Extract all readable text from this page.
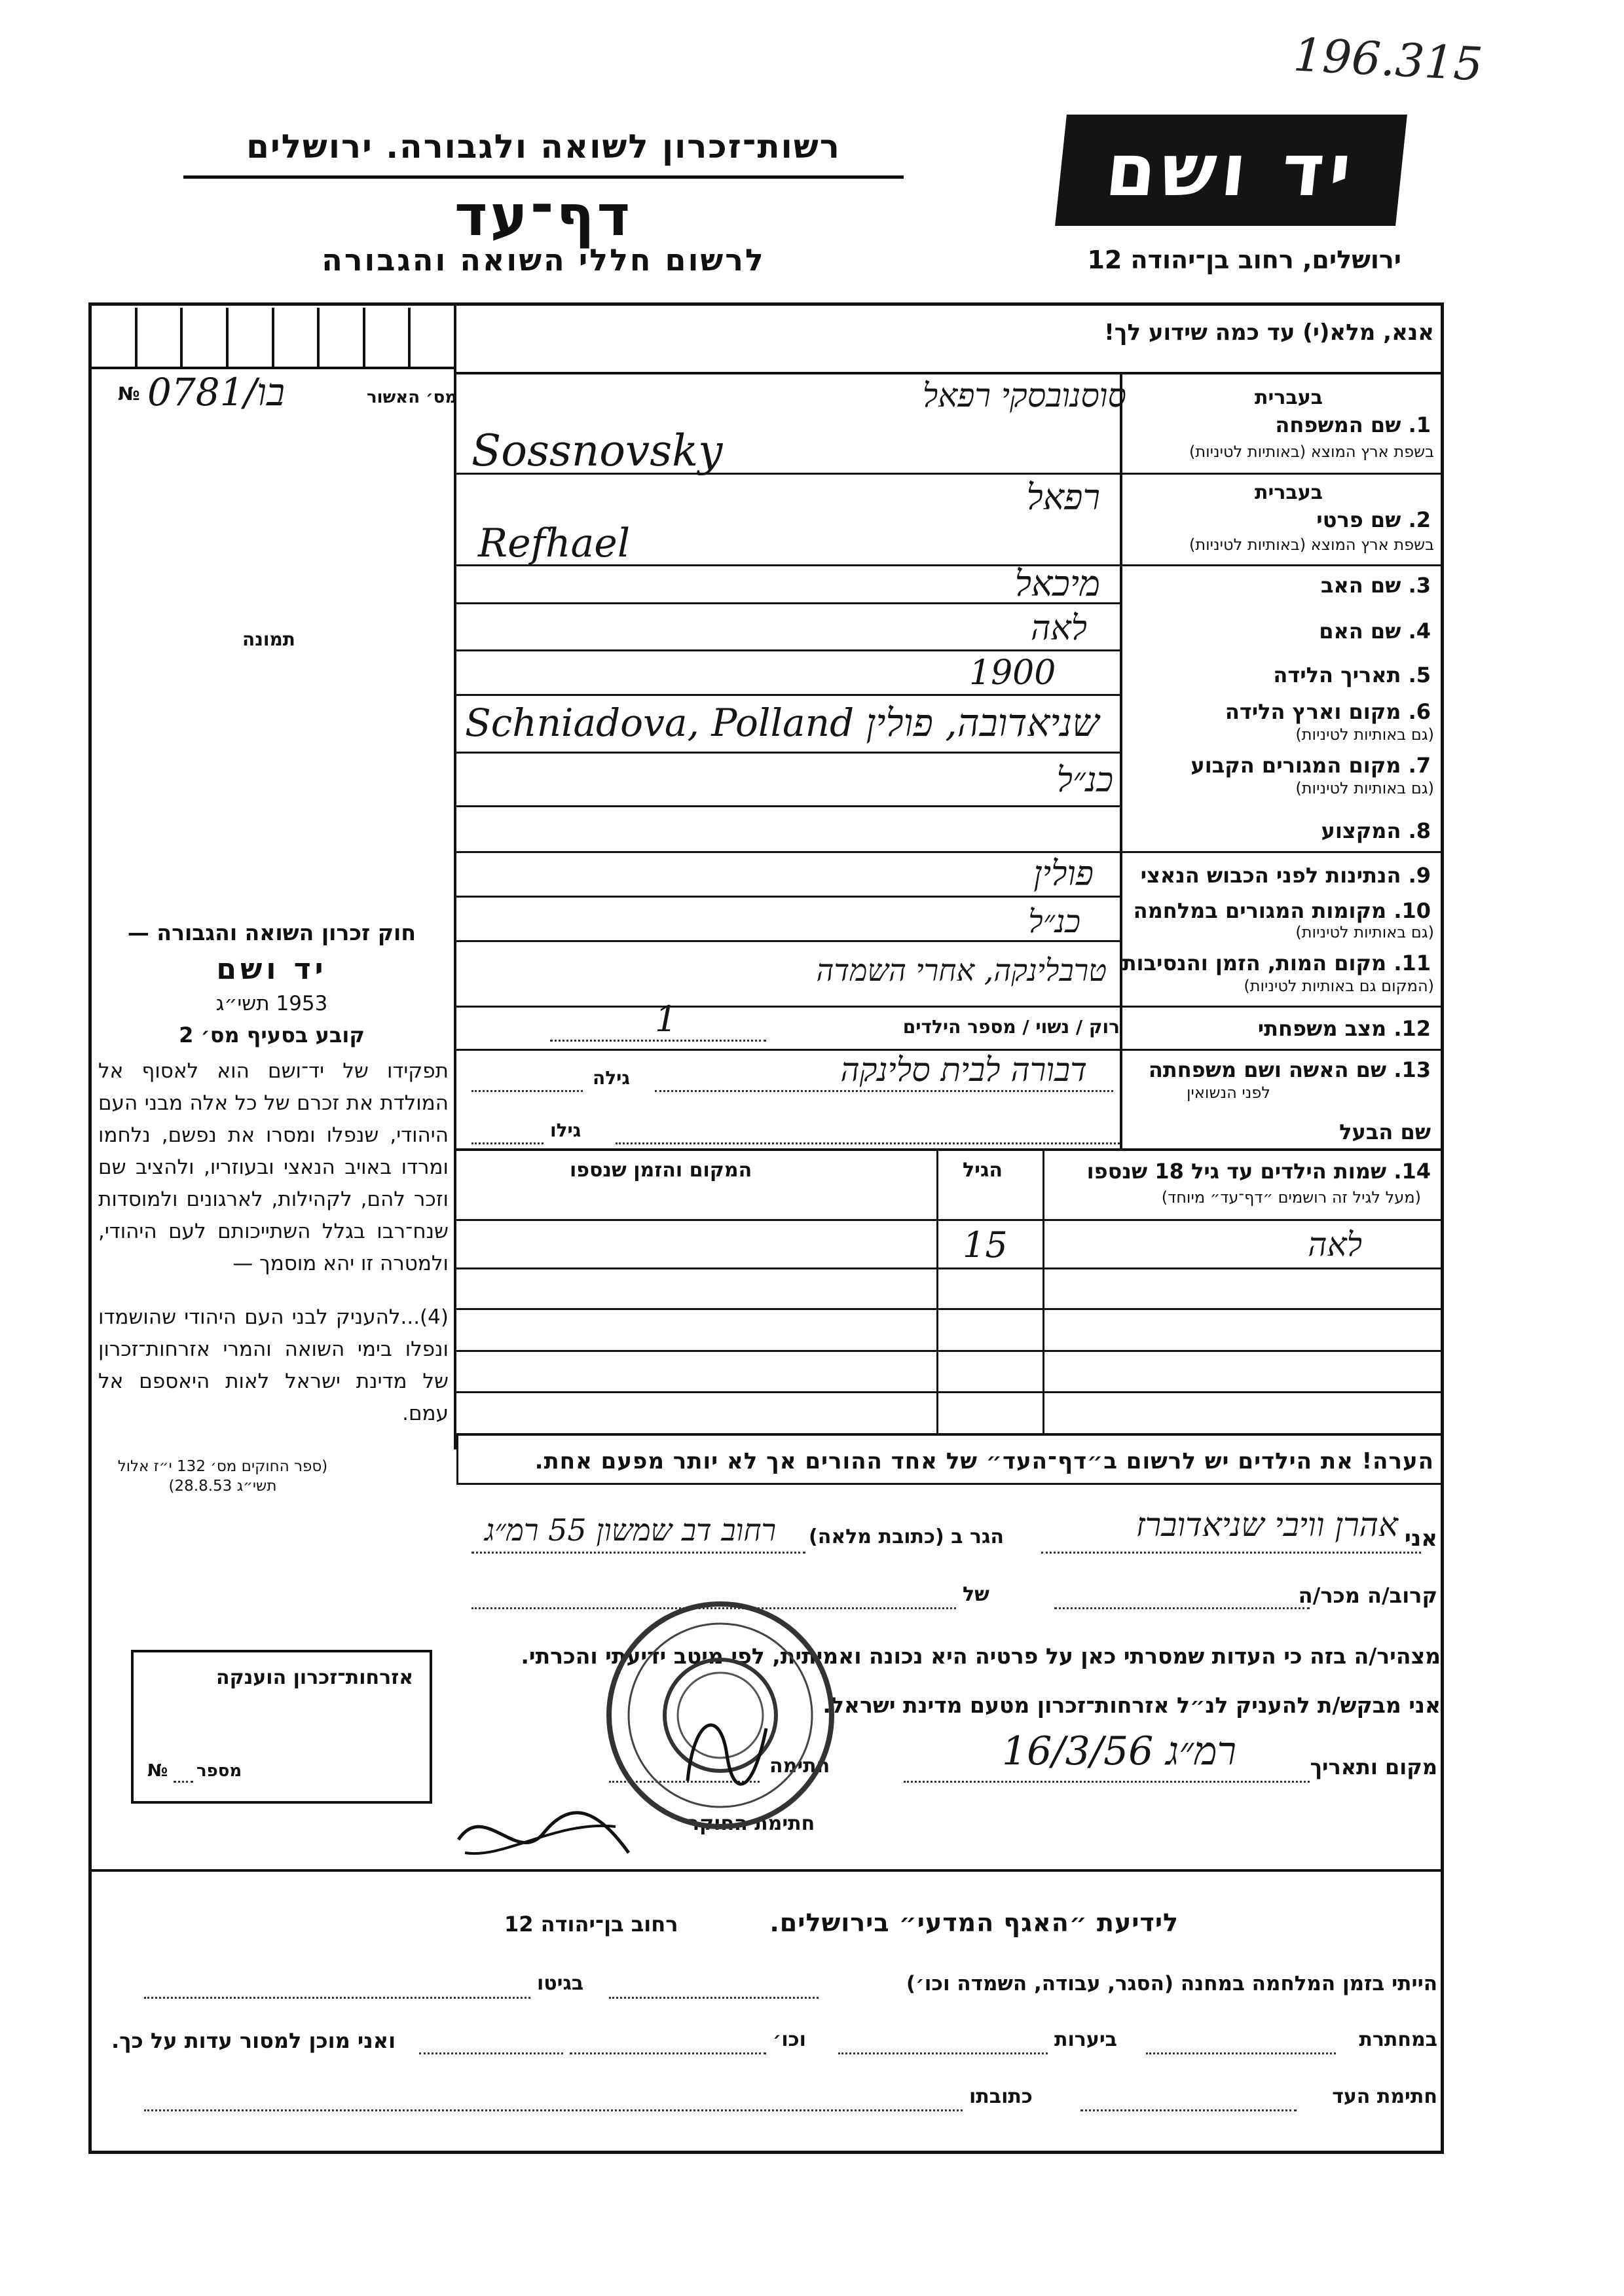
196.315
רשות־זכרון לשואה ולגבורה. ירושלים
דף־עד
לרשום חללי השואה והגבורה
יד ושם
ירושלים, רחוב בן־יהודה 12
אנא, מלא(י) עד כמה שידוע לך!
№ 0781/בו	מס׳ האשור
תמונה
בעברית
1. שם המשפחה
בשפת ארץ המוצא (באותיות לטיניות)
סוסנובסקי רפאל
Sossnovsky
בעברית
2. שם פרטי
בשפת ארץ המוצא (באותיות לטיניות)
רפאל
Refhael
3. שם האב
מיכאל
4. שם האם
לאה
5. תאריך הלידה
1900
6. מקום וארץ הלידה
(גם באותיות לטיניות)
Schniadova, Polland שניאדובה, פולין
7. מקום המגורים הקבוע
(גם באותיות לטיניות)
כנ״ל
8. המקצוע
9. הנתינות לפני הכבוש הנאצי
פולין
10. מקומות המגורים במלחמה
(גם באותיות לטיניות)
כנ״ל
11. מקום המות, הזמן והנסיבות
(המקום גם באותיות לטיניות)
טרבלינקה, אחרי השמדה
12. מצב משפחתי
רוק / נשוי / מספר הילדים
1
13. שם האשה ושם משפחתה
לפני הנשואין
דבורה לבית סלינקה
גילה
שם הבעל
גילו
14. שמות הילדים עד גיל 18 שנספו
(מעל לגיל זה רושמים ״דף־עד״ מיוחד)
הגיל
המקום והזמן שנספו
לאה
15
חוק זכרון השואה והגבורה —
יד ושם
1953 תשי״ג
קובע בסעיף מס׳ 2
תפקידו של יד־ושם הוא לאסוף אל המולדת את זכרם של כל אלה מבני העם היהודי, שנפלו ומסרו את נפשם, נלחמו ומרדו באויב הנאצי ובעוזריו, ולהציב שם וזכר להם, לקהילות, לארגונים ולמוסדות שנח־רבו בגלל השתייכותם לעם היהודי, ולמטרה זו יהא מוסמך —
(4)...להעניק לבני העם היהודי שהושמדו ונפלו בימי השואה והמרי אזרחות־זכרון של מדינת ישראל לאות היאספם אל עמם.
(ספר החוקים מס׳ 132 י״ז אלול תשי״ג 28.8.53)
הערה! את הילדים יש לרשום ב״דף־העד״ של אחד ההורים אך לא יותר מפעם אחת.
אני
אהרן וויבי שניאדוברז
הגר ב (כתובת מלאה)
רחוב דב שמשון 55 רמ״ג
קרוב/ה מכר/ה
של
מצהיר/ה בזה כי העדות שמסרתי כאן על פרטיה היא נכונה ואמיתית, לפי מיטב ידיעתי והכרתי.
אני מבקש/ת להעניק לנ״ל אזרחות־זכרון מטעם מדינת ישראל.
מקום ותאריך
16/3/56 רמ״ג
חתימה
חתימת החוקר
אזרחות־זכרון הוענקה
מספר
№
לידיעת ״האגף המדעי״ בירושלים.
רחוב בן־יהודה 12
הייתי בזמן המלחמה במחנה (הסגר, עבודה, השמדה וכו׳)
בגיטו
במחתרת
ביערות
וכו׳
ואני מוכן למסור עדות על כך.
חתימת העד
כתובתו
